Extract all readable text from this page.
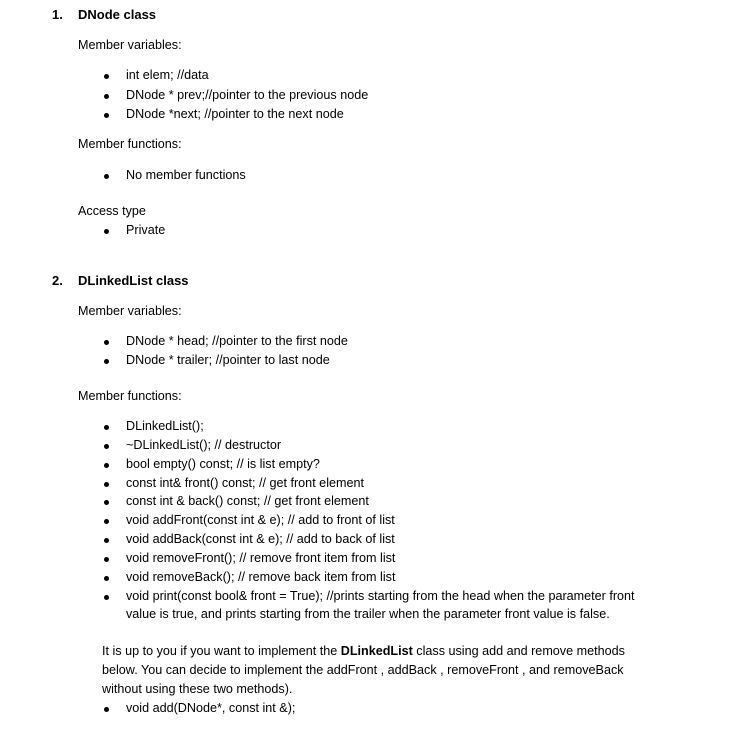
1. DNode class
Member variables:
int elem; //data
DNode * prev;//pointer to the previous node
DNode *next; //pointer to the next node
Member functions:
No member functions
Access type
Private
2. DLinkedList class
Member variables:
DNode * head; //pointer to the first node
DNode * trailer; //pointer to last node
Member functions:
DLinkedList();
~DLinkedList(); // destructor
bool empty() const; // is list empty?
const int& front() const; // get front element
const int & back() const; // get front element
void addFront(const int & e); // add to front of list
void addBack(const int & e); // add to back of list
void removeFront(); // remove front item from list
void removeBack(); // remove back item from list
void print(const bool& front = True); //prints starting from the head when the parameter front
value is true, and prints starting from the trailer when the parameter front value is false.
It is up to you if you want to implement the DLinkedList class using add and remove methods
below. You can decide to implement the addFront , addBack , removeFront , and removeBack
without using these two methods).
void add(DNode*, const int &);
